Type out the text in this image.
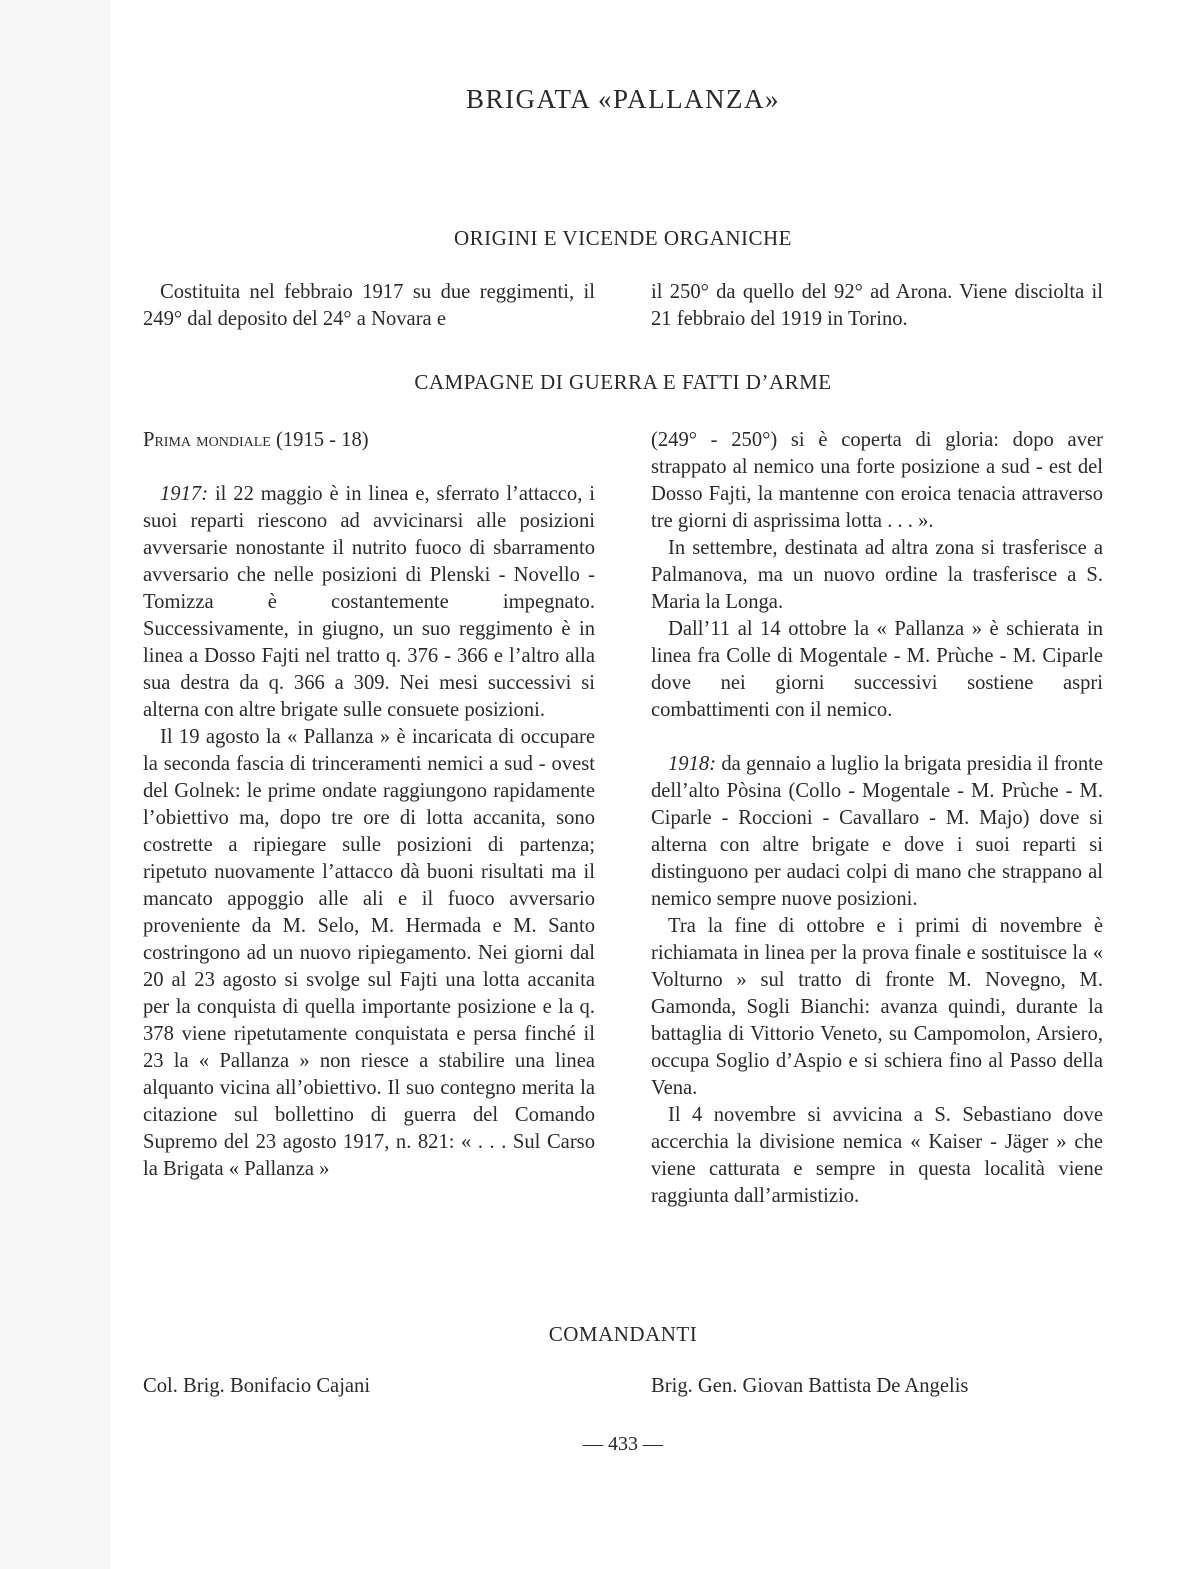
BRIGATA «PALLANZA»
ORIGINI E VICENDE ORGANICHE

Costituita nel febbraio 1917 su due reggimenti, il 249° dal deposito del 24° a Novara e

il 250° da quello del 92° ad Arona. Viene disciolta il 21 febbraio del 1919 in Torino.

CAMPAGNE DI GUERRA E FATTI D’ARME

Prima mondiale (1915 - 18)

1917: il 22 maggio è in linea e, sferrato l’attacco, i suoi reparti riescono ad avvicinarsi alle posizioni avversarie nonostante il nutrito fuoco di sbarramento avversario che nelle posizioni di Plenski - Novello - Tomizza è costantemente impegnato. Successivamente, in giugno, un suo reggimento è in linea a Dosso Fajti nel tratto q. 376 - 366 e l’altro alla sua destra da q. 366 a 309. Nei mesi successivi si alterna con altre brigate sulle consuete posizioni.

Il 19 agosto la « Pallanza » è incaricata di occupare la seconda fascia di trinceramenti nemici a sud - ovest del Golnek: le prime ondate raggiungono rapidamente l’obiettivo ma, dopo tre ore di lotta accanita, sono costrette a ripiegare sulle posizioni di partenza; ripetuto nuovamente l’attacco dà buoni risultati ma il mancato appoggio alle ali e il fuoco avversario proveniente da M. Selo, M. Hermada e M. Santo costringono ad un nuovo ripiegamento. Nei giorni dal 20 al 23 agosto si svolge sul Fajti una lotta accanita per la conquista di quella importante posizione e la q. 378 viene ripetutamente conquistata e persa finché il 23 la « Pallanza » non riesce a stabilire una linea alquanto vicina all’obiettivo. Il suo contegno merita la citazione sul bollettino di guerra del Comando Supremo del 23 agosto 1917, n. 821: « . . . Sul Carso la Brigata « Pallanza »

(249° - 250°) si è coperta di gloria: dopo aver strappato al nemico una forte posizione a sud - est del Dosso Fajti, la mantenne con eroica tenacia attraverso tre giorni di asprissima lotta . . . ».

In settembre, destinata ad altra zona si trasferisce a Palmanova, ma un nuovo ordine la trasferisce a S. Maria la Longa.

Dall’11 al 14 ottobre la « Pallanza » è schierata in linea fra Colle di Mogentale - M. Prùche - M. Ciparle dove nei giorni successivi sostiene aspri combattimenti con il nemico.

1918: da gennaio a luglio la brigata presidia il fronte dell’alto Pòsina (Collo - Mogentale - M. Prùche - M. Ciparle - Roccioni - Cavallaro - M. Majo) dove si alterna con altre brigate e dove i suoi reparti si distinguono per audaci colpi di mano che strappano al nemico sempre nuove posizioni.

Tra la fine di ottobre e i primi di novembre è richiamata in linea per la prova finale e sostituisce la « Volturno » sul tratto di fronte M. Novegno, M. Gamonda, Sogli Bianchi: avanza quindi, durante la battaglia di Vittorio Veneto, su Campomolon, Arsiero, occupa Soglio d’Aspio e si schiera fino al Passo della Vena.

Il 4 novembre si avvicina a S. Sebastiano dove accerchia la divisione nemica « Kaiser - Jäger » che viene catturata e sempre in questa località viene raggiunta dall’armistizio.

COMANDANTI
Col. Brig. Bonifacio Cajani	Brig. Gen. Giovan Battista De Angelis
— 433 —
